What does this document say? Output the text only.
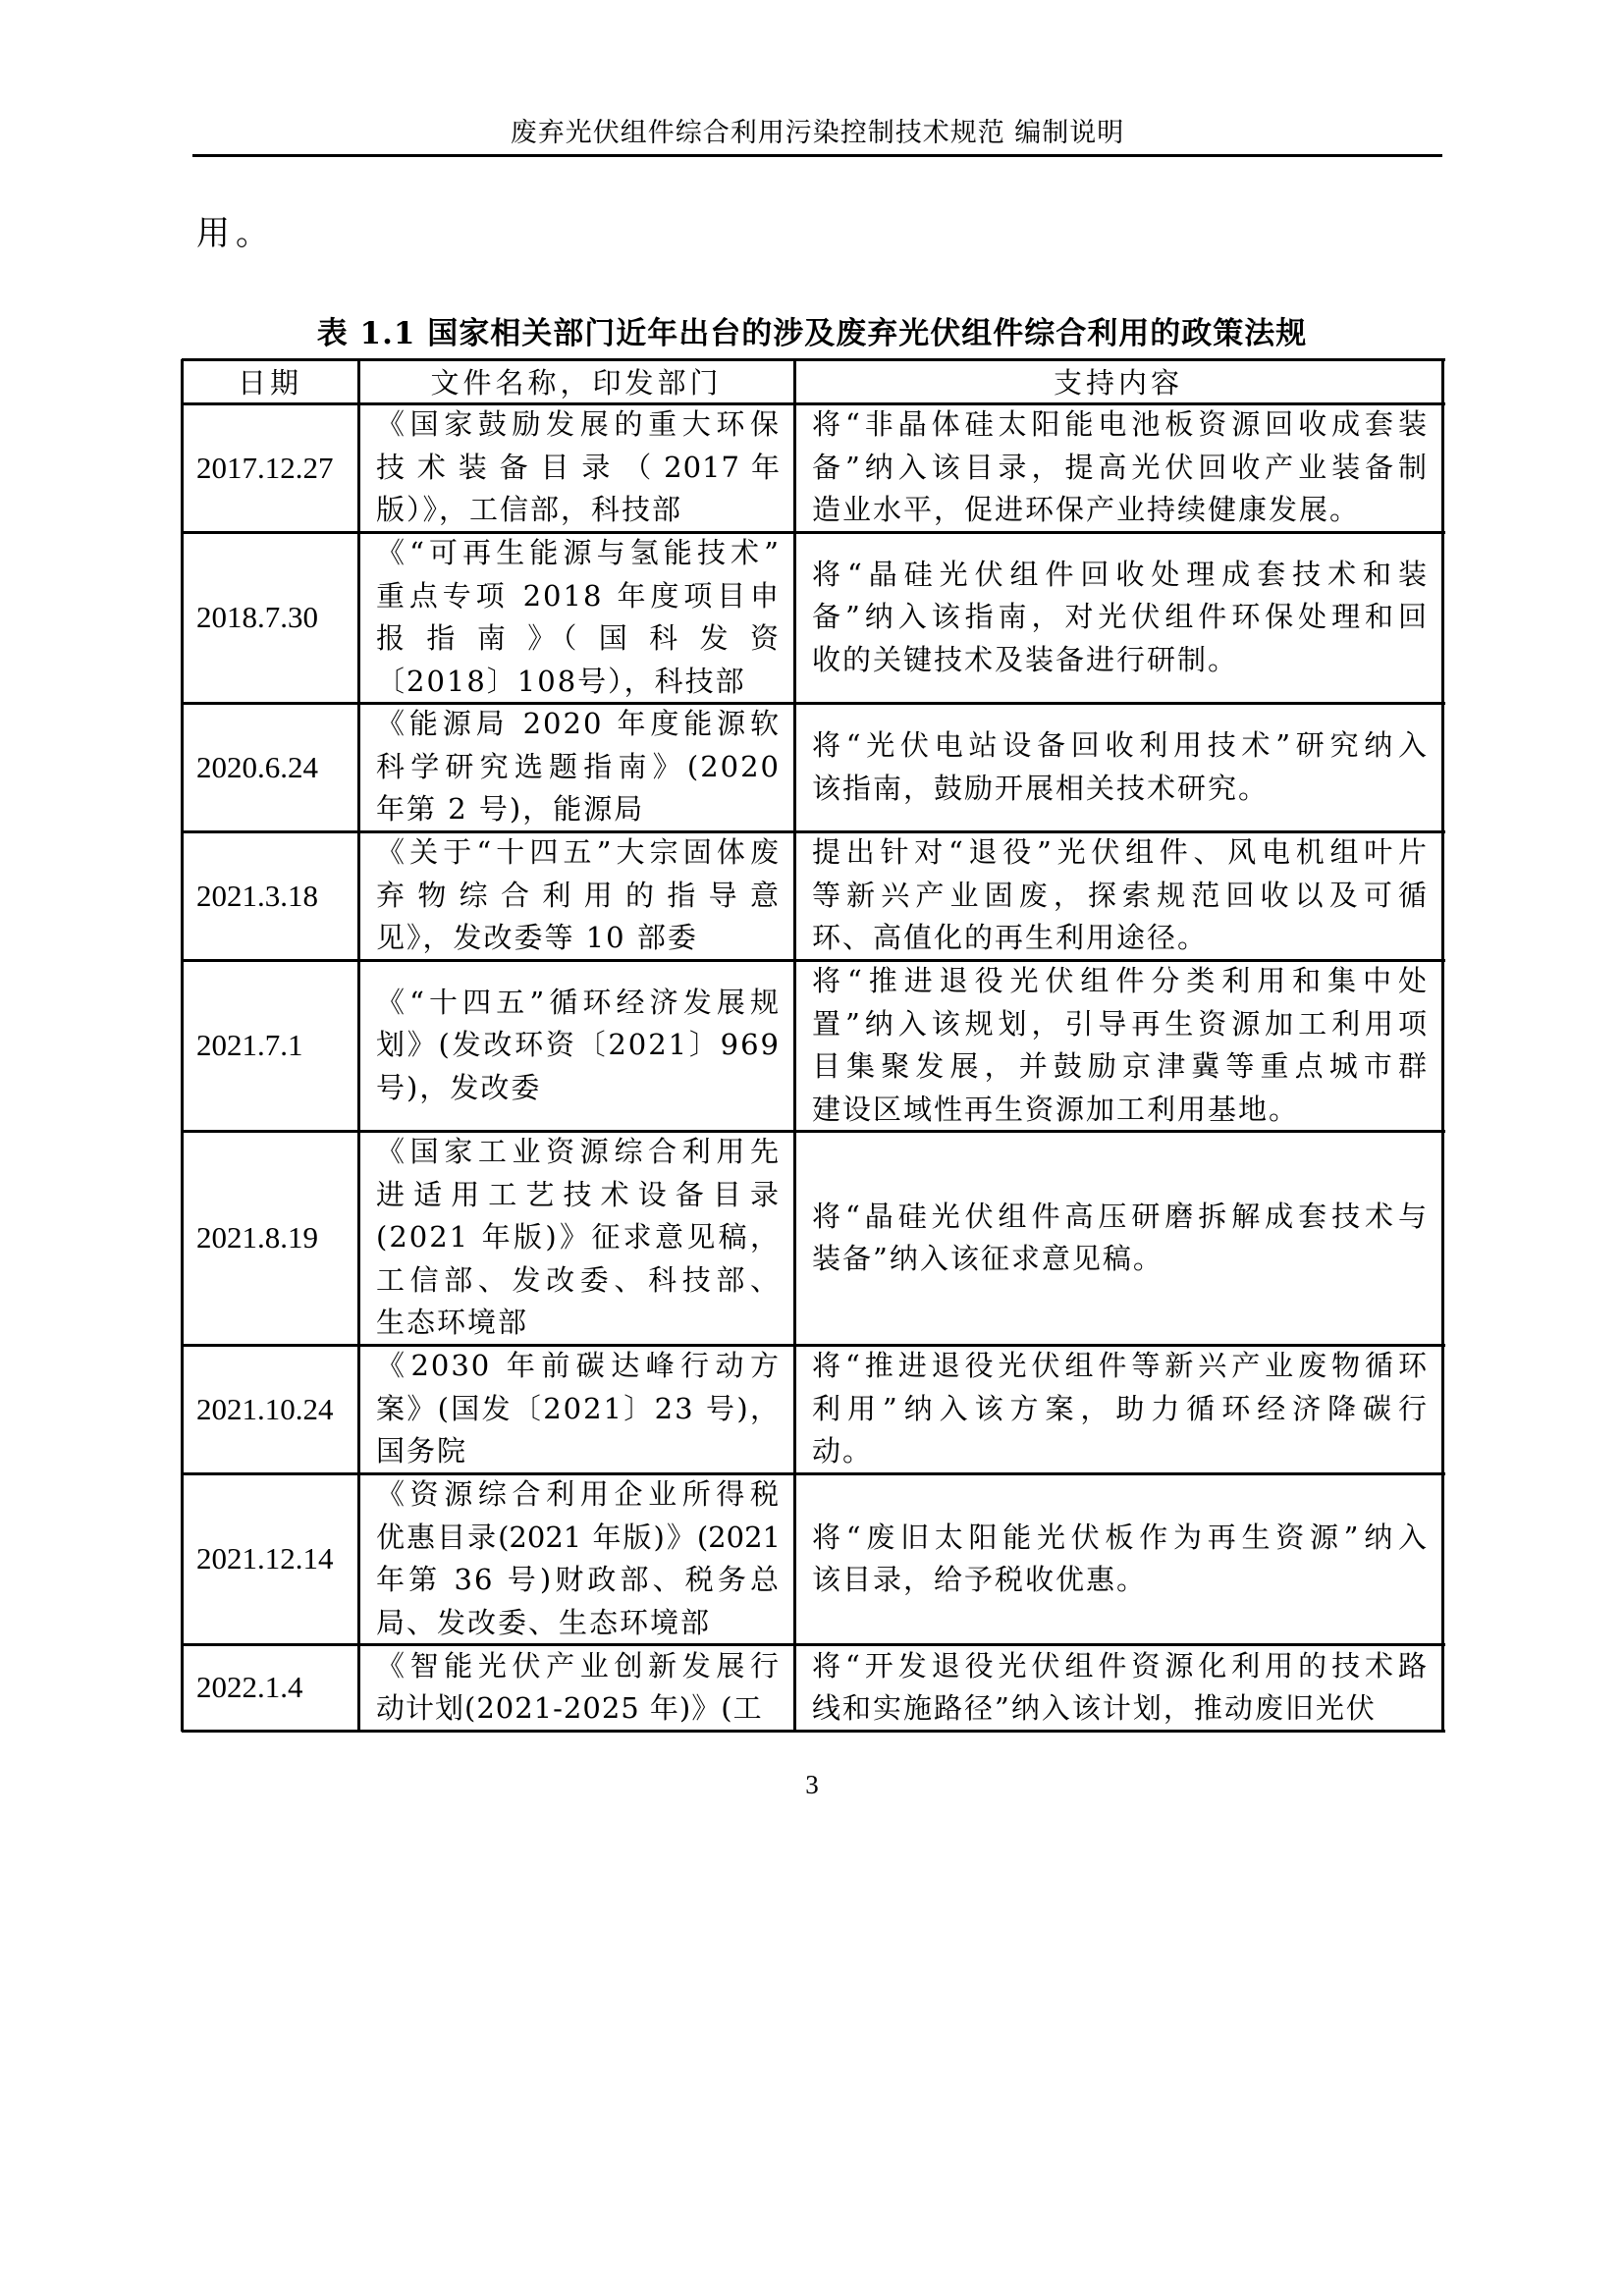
废弃光伏组件综合利用污染控制技术规范 编制说明
用。
表 1.1 国家相关部门近年出台的涉及废弃光伏组件综合利用的政策法规
日期	文件名称，印发部门	支持内容
2017.12.27
《国家鼓励发展的重大环保
技 术 装 备 目 录 （ 2017 年
版）》，工信部，科技部
将“非晶体硅太阳能电池板资源回收成套装
备”纳入该目录，提高光伏回收产业装备制
造业水平，促进环保产业持续健康发展。
2018.7.30
《“可再生能源与氢能技术”
重点专项 2018 年度项目申
报 指 南 》（ 国 科 发 资
〔2018〕108号），科技部
将“晶硅光伏组件回收处理成套技术和装
备”纳入该指南，对光伏组件环保处理和回
收的关键技术及装备进行研制。
2020.6.24
《能源局 2020 年度能源软
科学研究选题指南》(2020
年第 2 号)，能源局
将“光伏电站设备回收利用技术”研究纳入
该指南，鼓励开展相关技术研究。
2021.3.18
《关于“十四五”大宗固体废
弃物综合利用的指导意
见》，发改委等 10 部委
提出针对“退役”光伏组件、风电机组叶片
等新兴产业固废，探索规范回收以及可循
环、高值化的再生利用途径。
2021.7.1
《“十四五”循环经济发展规
划》(发改环资〔2021〕969
号)，发改委
将“推进退役光伏组件分类利用和集中处
置”纳入该规划，引导再生资源加工利用项
目集聚发展，并鼓励京津冀等重点城市群
建设区域性再生资源加工利用基地。
2021.8.19
《国家工业资源综合利用先
进适用工艺技术设备目录
(2021 年版)》征求意见稿，
工信部、发改委、科技部、
生态环境部
将“晶硅光伏组件高压研磨拆解成套技术与
装备”纳入该征求意见稿。
2021.10.24
《2030 年前碳达峰行动方
案》(国发〔2021〕23 号)，
国务院
将“推进退役光伏组件等新兴产业废物循环
利用”纳入该方案，助力循环经济降碳行
动。
2021.12.14
《资源综合利用企业所得税
优惠目录(2021 年版)》(2021
年第 36 号)财政部、税务总
局、发改委、生态环境部
将“废旧太阳能光伏板作为再生资源”纳入
该目录，给予税收优惠。
2022.1.4
《智能光伏产业创新发展行
动计划(2021-2025 年)》(工
将“开发退役光伏组件资源化利用的技术路
线和实施路径”纳入该计划，推动废旧光伏
3
